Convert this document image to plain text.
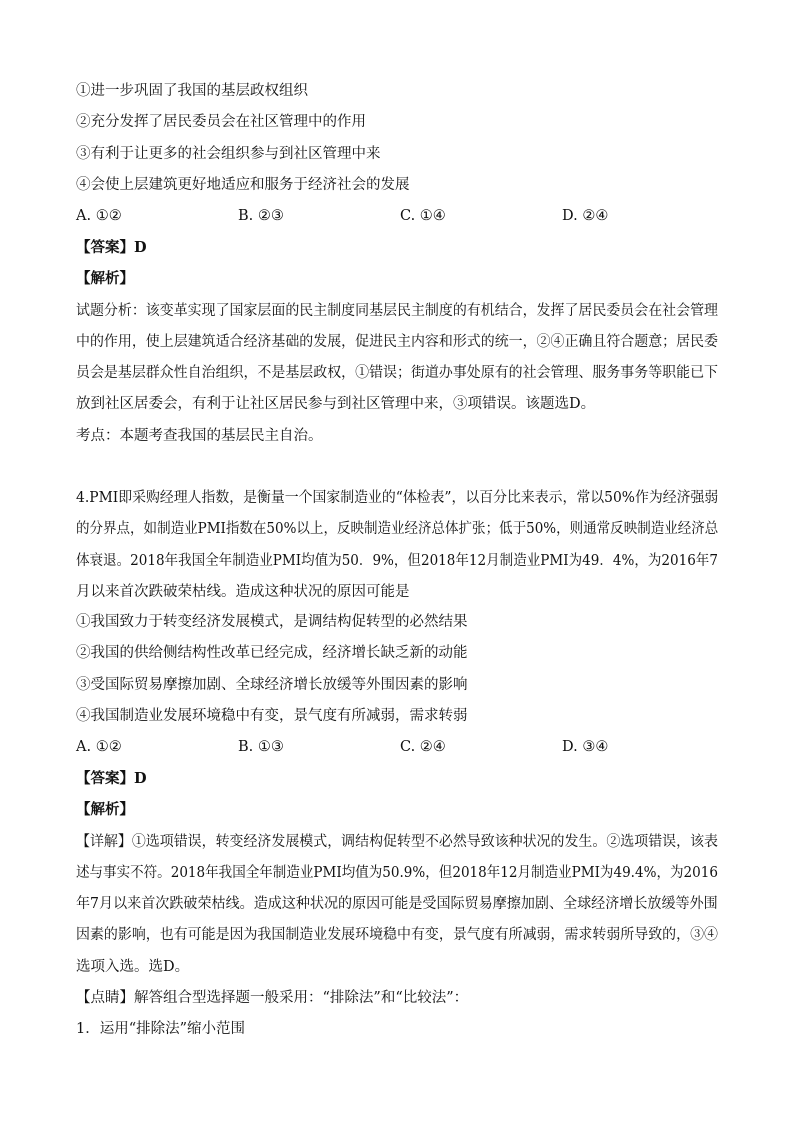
①进一步巩固了我国的基层政权组织
②充分发挥了居民委员会在社区管理中的作用
③有利于让更多的社会组织参与到社区管理中来
④会使上层建筑更好地适应和服务于经济社会的发展
A. ①②	B. ②③	C. ①④	D. ②④
【答案】D
【解析】
试题分析：该变革实现了国家层面的民主制度同基层民主制度的有机结合，发挥了居民委员会在社会管理
中的作用，使上层建筑适合经济基础的发展，促进民主内容和形式的统一，②④正确且符合题意；居民委
员会是基层群众性自治组织，不是基层政权，①错误；街道办事处原有的社会管理、服务事务等职能已下
放到社区居委会，有利于让社区居民参与到社区管理中来，③项错误。该题选D。
考点：本题考查我国的基层民主自治。
4.PMI即采购经理人指数，是衡量一个国家制造业的“体检表”，以百分比来表示，常以50%作为经济强弱
的分界点，如制造业PMI指数在50%以上，反映制造业经济总体扩张；低于50%，则通常反映制造业经济总
体衰退。2018年我国全年制造业PMI均值为50．9%，但2018年12月制造业PMI为49．4%，为2016年7
月以来首次跌破荣枯线。造成这种状况的原因可能是
①我国致力于转变经济发展模式，是调结构促转型的必然结果
②我国的供给侧结构性改革已经完成，经济增长缺乏新的动能
③受国际贸易摩擦加剧、全球经济增长放缓等外围因素的影响
④我国制造业发展环境稳中有变，景气度有所减弱，需求转弱
A. ①②	B. ①③	C. ②④	D. ③④
【答案】D
【解析】
【详解】①选项错误，转变经济发展模式，调结构促转型不必然导致该种状况的发生。②选项错误，该表
述与事实不符。2018年我国全年制造业PMI均值为50.9%，但2018年12月制造业PMI为49.4%，为2016
年7月以来首次跌破荣枯线。造成这种状况的原因可能是受国际贸易摩擦加剧、全球经济增长放缓等外围
因素的影响，也有可能是因为我国制造业发展环境稳中有变，景气度有所减弱，需求转弱所导致的，③④
选项入选。选D。
【点睛】解答组合型选择题一般采用：“排除法”和“比较法”：
1．运用“排除法”缩小范围
